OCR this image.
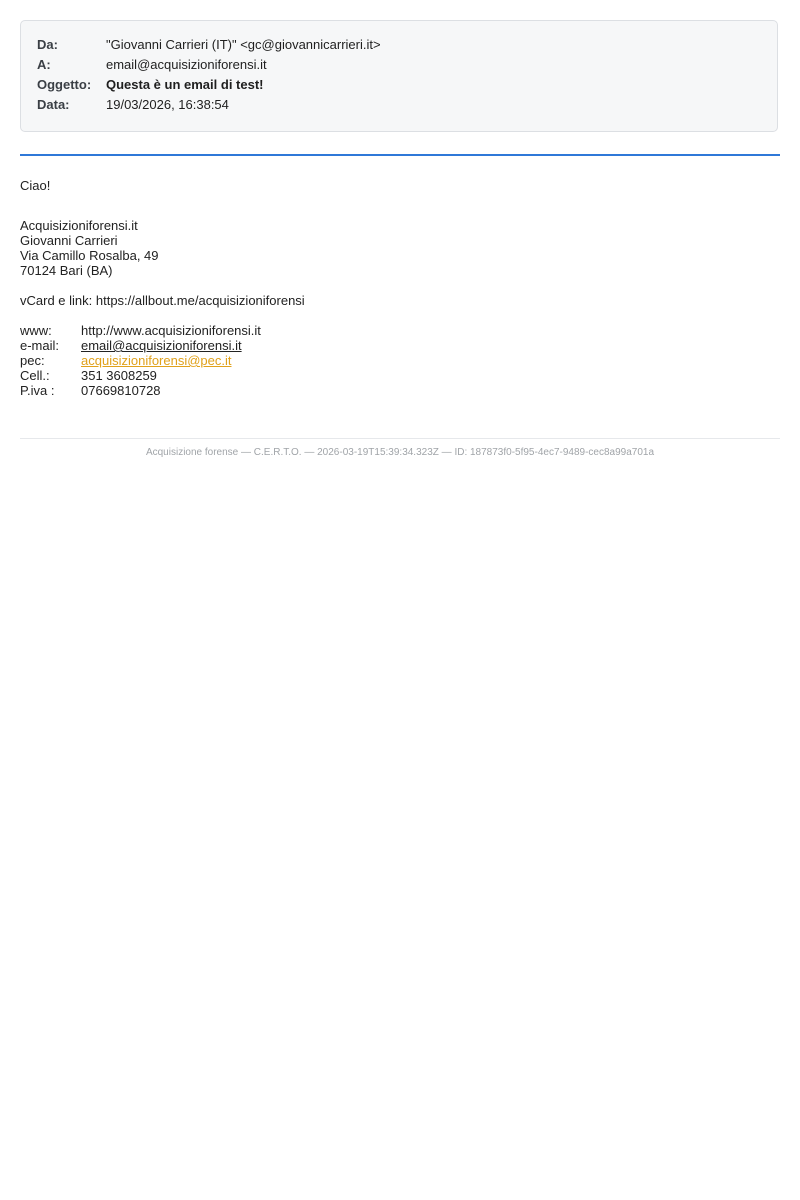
Da:	"Giovanni Carrieri (IT)" <gc@giovannicarrieri.it>
A:	email@acquisizioniforensi.it
Oggetto: Questa è un email di test!
Data:	19/03/2026, 16:38:54
Ciao!
Acquisizioniforensi.it
Giovanni Carrieri
Via Camillo Rosalba, 49
70124 Bari (BA)
vCard e link: https://allbout.me/acquisizioniforensi
www: http://www.acquisizioniforensi.it
e-mail: email@acquisizioniforensi.it
pec:	acquisizioniforensi@pec.it
Cell.: 351 3608259
P.iva : 07669810728
Acquisizione forense — C.E.R.T.O. — 2026-03-19T15:39:34.323Z — ID: 187873f0-5f95-4ec7-9489-cec8a99a701a
